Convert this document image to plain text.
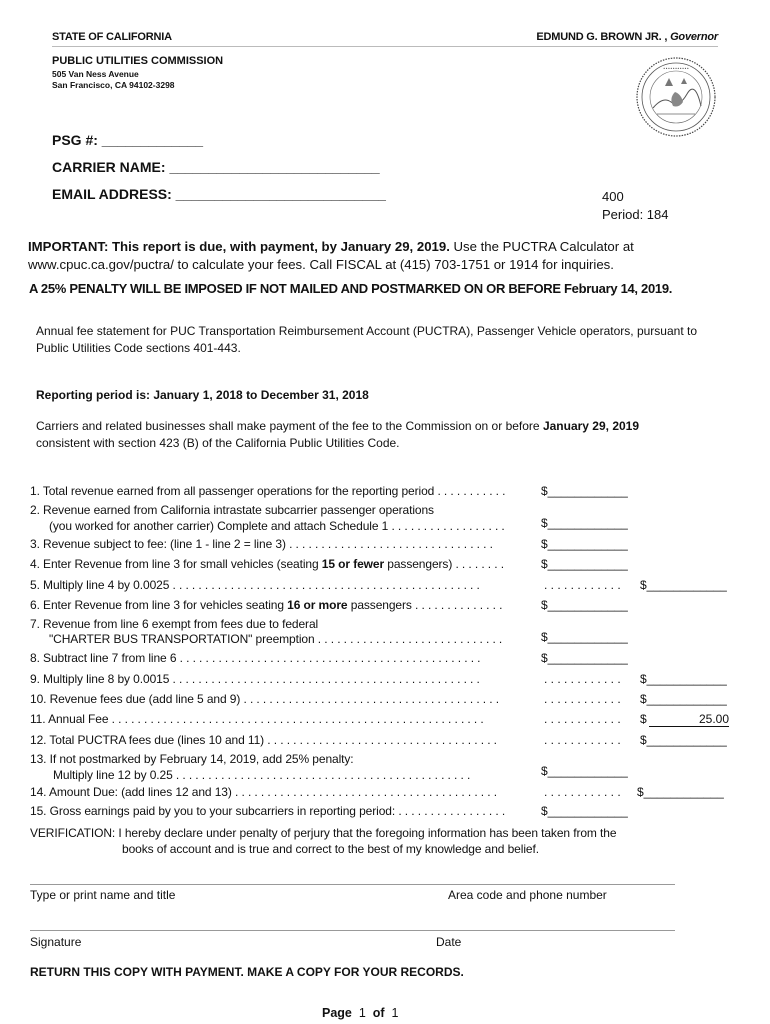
STATE OF CALIFORNIA	EDMUND G. BROWN JR. , Governor
PUBLIC UTILITIES COMMISSION
505 Van Ness Avenue
San Francisco, CA 94102-3298
•••••••••••
PSG #: _____________
CARRIER NAME: ___________________________
EMAIL ADDRESS: ___________________________	400
Period: 184
IMPORTANT: This report is due, with payment, by January 29, 2019. Use the PUCTRA Calculator at www.cpuc.ca.gov/puctra/ to calculate your fees. Call FISCAL at (415) 703-1751 or 1914 for inquiries.
A 25% PENALTY WILL BE IMPOSED IF NOT MAILED AND POSTMARKED ON OR BEFORE February 14, 2019.
Annual fee statement for PUC Transportation Reimbursement Account (PUCTRA), Passenger Vehicle operators, pursuant to Public Utilities Code sections 401-443.
Reporting period is: January 1, 2018 to December 31, 2018
Carriers and related businesses shall make payment of the fee to the Commission on or before January 29, 2019
consistent with section 423 (B) of the California Public Utilities Code.
1. Total revenue earned from all passenger operations for the reporting period . . . . . . . . . . .	$____________
2. Revenue earned from California intrastate subcarrier passenger operations
(you worked for another carrier) Complete and attach Schedule 1 . . . . . . . . . . . . . . . . . .	$____________
3. Revenue subject to fee: (line 1 - line 2 = line 3) . . . . . . . . . . . . . . . . . . . . . . . . . . . . . . . .	$____________
4. Enter Revenue from line 3 for small vehicles (seating 15 or fewer passengers) . . . . . . . .	$____________
5. Multiply line 4 by 0.0025 . . . . . . . . . . . . . . . . . . . . . . . . . . . . . . . . . . . . . . . . . . . . . . . .	. . . . . . . . . . . . $____________
6. Enter Revenue from line 3 for vehicles seating 16 or more passengers . . . . . . . . . . . . . .	$____________
7. Revenue from line 6 exempt from fees due to federal
"CHARTER BUS TRANSPORTATION" preemption . . . . . . . . . . . . . . . . . . . . . . . . . . . . .	$____________
8. Subtract line 7 from line 6 . . . . . . . . . . . . . . . . . . . . . . . . . . . . . . . . . . . . . . . . . . . . . . .	$____________
9. Multiply line 8 by 0.0015 . . . . . . . . . . . . . . . . . . . . . . . . . . . . . . . . . . . . . . . . . . . . . . . .	. . . . . . . . . . . . $____________
10. Revenue fees due (add line 5 and 9) . . . . . . . . . . . . . . . . . . . . . . . . . . . . . . . . . . . . . . . .	. . . . . . . . . . . . $____________
11. Annual Fee . . . . . . . . . . . . . . . . . . . . . . . . . . . . . . . . . . . . . . . . . . . . . . . . . . . . . . . . . .	. . . . . . . . . . . . $	25.00
12. Total PUCTRA fees due (lines 10 and 11) . . . . . . . . . . . . . . . . . . . . . . . . . . . . . . . . . . . .	. . . . . . . . . . . . $____________
13. If not postmarked by February 14, 2019, add 25% penalty:
Multiply line 12 by 0.25 . . . . . . . . . . . . . . . . . . . . . . . . . . . . . . . . . . . . . . . . . . . . . .	$____________
14. Amount Due: (add lines 12 and 13) . . . . . . . . . . . . . . . . . . . . . . . . . . . . . . . . . . . . . . . . .	. . . . . . . . . . . . $____________
15. Gross earnings paid by you to your subcarriers in reporting period: . . . . . . . . . . . . . . . . .	$____________
VERIFICATION: I hereby declare under penalty of perjury that the foregoing information has been taken from the
books of account and is true and correct to the best of my knowledge and belief.
Type or print name and title	Area code and phone number
Signature	Date
RETURN THIS COPY WITH PAYMENT. MAKE A COPY FOR YOUR RECORDS.
Page 1 of 1
